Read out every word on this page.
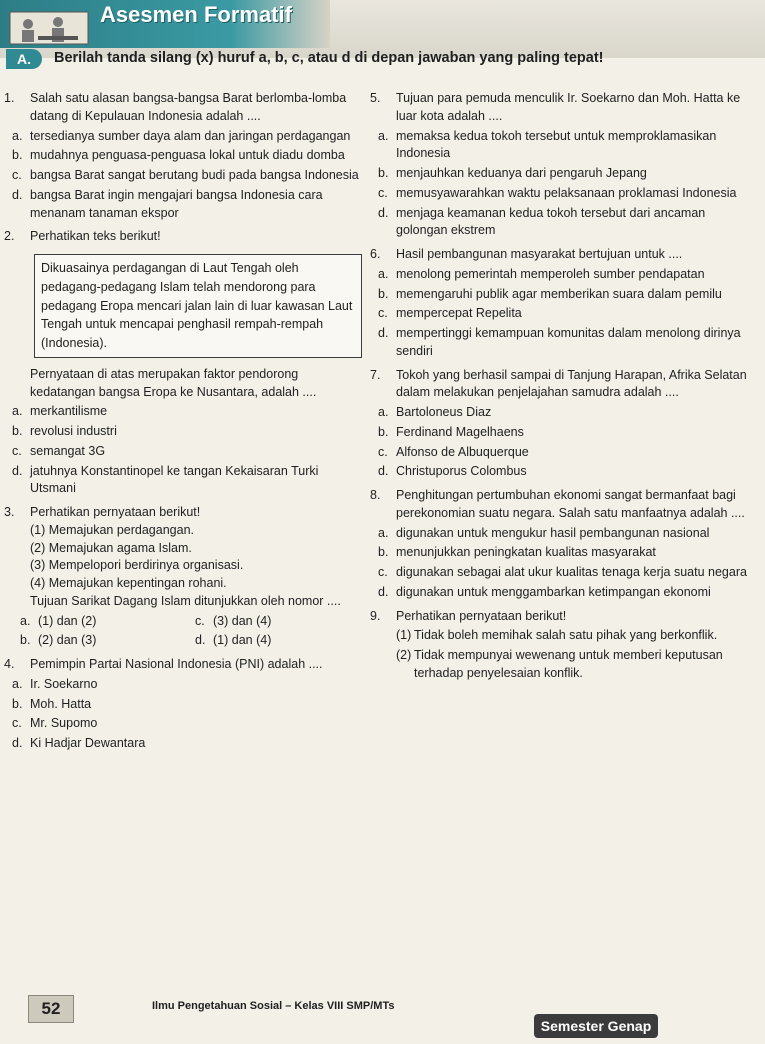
Asesmen Formatif
A.	Berilah tanda silang (x) huruf a, b, c, atau d di depan jawaban yang paling tepat!
1. Salah satu alasan bangsa-bangsa Barat berlomba-lomba datang di Kepulauan Indonesia adalah ....
a. tersedianya sumber daya alam dan jaringan perdagangan
b. mudahnya penguasa-penguasa lokal untuk diadu domba
c. bangsa Barat sangat berutang budi pada bangsa Indonesia
d. bangsa Barat ingin mengajari bangsa Indonesia cara menanam tanaman ekspor
2. Perhatikan teks berikut!
Dikuasainya perdagangan di Laut Tengah oleh pedagang-pedagang Islam telah mendorong para pedagang Eropa mencari jalan lain di luar kawasan Laut Tengah untuk mencapai penghasil rempah-rempah (Indonesia).
Pernyataan di atas merupakan faktor pendorong kedatangan bangsa Eropa ke Nusantara, adalah ....
a. merkantilisme
b. revolusi industri
c. semangat 3G
d. jatuhnya Konstantinopel ke tangan Kekaisaran Turki Utsmani
3. Perhatikan pernyataan berikut!
(1) Memajukan perdagangan.
(2) Memajukan agama Islam.
(3) Mempelopori berdirinya organisasi.
(4) Memajukan kepentingan rohani.
Tujuan Sarikat Dagang Islam ditunjukkan oleh nomor ....
a. (1) dan (2)	c. (3) dan (4)
b. (2) dan (3)	d. (1) dan (4)
4. Pemimpin Partai Nasional Indonesia (PNI) adalah ....
a. Ir. Soekarno
b. Moh. Hatta
c. Mr. Supomo
d. Ki Hadjar Dewantara
5. Tujuan para pemuda menculik Ir. Soekarno dan Moh. Hatta ke luar kota adalah ....
a. memaksa kedua tokoh tersebut untuk memproklamasikan Indonesia
b. menjauhkan keduanya dari pengaruh Jepang
c. memusyawarahkan waktu pelaksanaan proklamasi Indonesia
d. menjaga keamanan kedua tokoh tersebut dari ancaman golongan ekstrem
6. Hasil pembangunan masyarakat bertujuan untuk ....
a. menolong pemerintah memperoleh sumber pendapatan
b. memengaruhi publik agar memberikan suara dalam pemilu
c. mempercepat Repelita
d. mempertinggi kemampuan komunitas dalam menolong dirinya sendiri
7. Tokoh yang berhasil sampai di Tanjung Harapan, Afrika Selatan dalam melakukan penjelajahan samudra adalah ....
a. Bartoloneus Diaz
b. Ferdinand Magelhaens
c. Alfonso de Albuquerque
d. Christuporus Colombus
8. Penghitungan pertumbuhan ekonomi sangat bermanfaat bagi perekonomian suatu negara. Salah satu manfaatnya adalah ....
a. digunakan untuk mengukur hasil pembangunan nasional
b. menunjukkan peningkatan kualitas masyarakat
c. digunakan sebagai alat ukur kualitas tenaga kerja suatu negara
d. digunakan untuk menggambarkan ketimpangan ekonomi
9. Perhatikan pernyataan berikut!
(1) Tidak boleh memihak salah satu pihak yang berkonflik.
(2) Tidak mempunyai wewenang untuk memberi keputusan terhadap penyelesaian konflik.
52	Ilmu Pengetahuan Sosial – Kelas VIII SMP/MTs
Semester Genap
